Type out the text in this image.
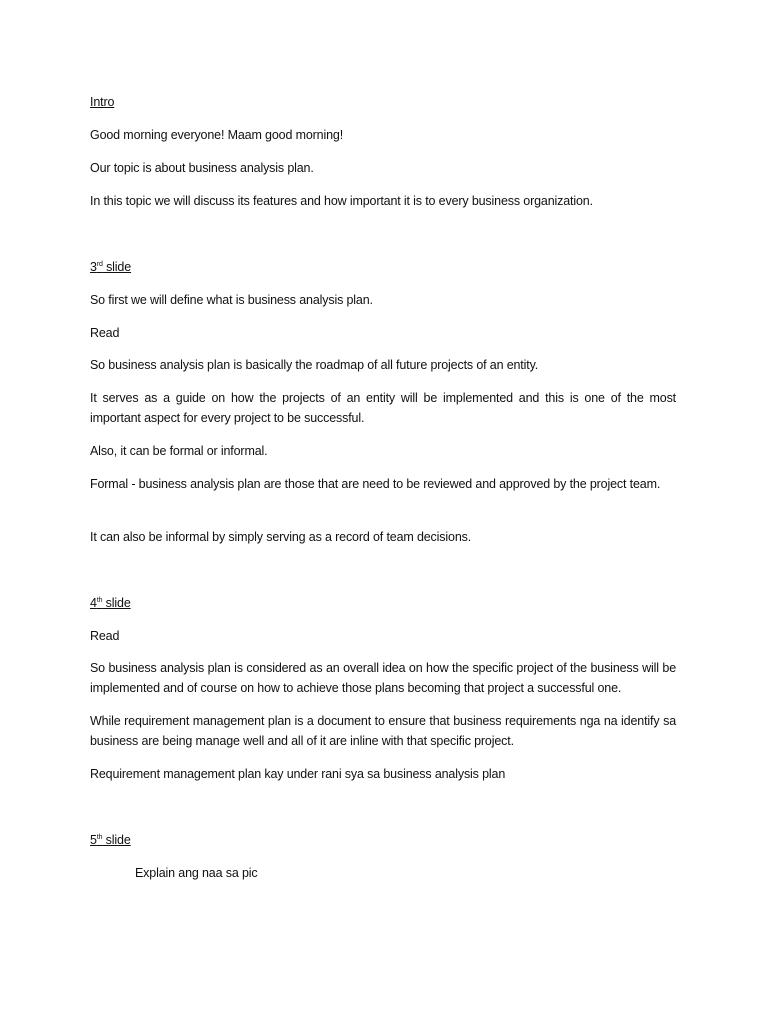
Intro

Good morning everyone! Maam good morning!

Our topic is about business analysis plan.

In this topic we will discuss its features and how important it is to every business organization.

3rd slide

So first we will define what is business analysis plan.

Read

So business analysis plan is basically the roadmap of all future projects of an entity.

It serves as a guide on how the projects of an entity will be implemented and this is one of the most important aspect for every project to be successful.

Also, it can be formal or informal.

Formal - business analysis plan are those that are need to be reviewed and approved by the project team.

It can also be informal by simply serving as a record of team decisions.

4th slide

Read

So business analysis plan is considered as an overall idea on how the specific project of the business will be implemented and of course on how to achieve those plans becoming that project a successful one.

While requirement management plan is a document to ensure that business requirements nga na identify sa business are being manage well and all of it are inline with that specific project.

Requirement management plan kay under rani sya sa business analysis plan

5th slide

Explain ang naa sa pic
